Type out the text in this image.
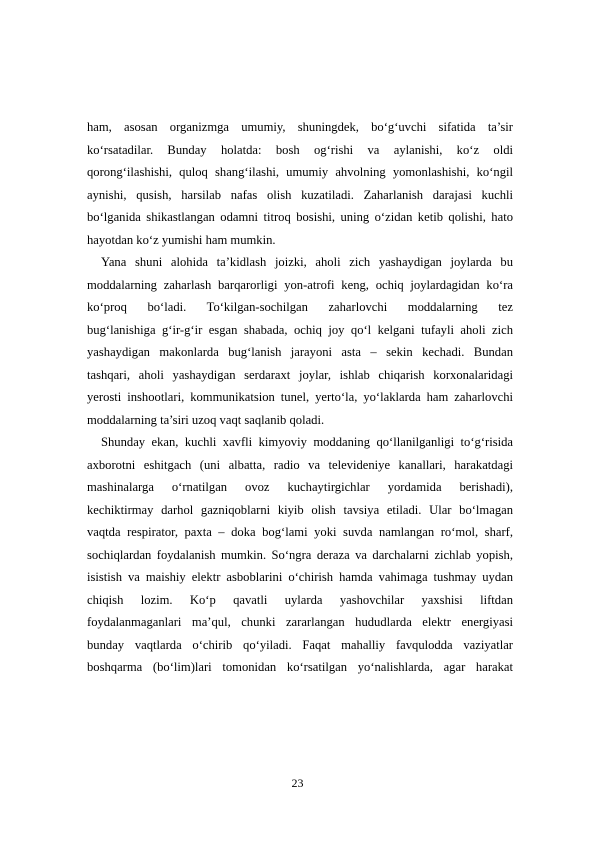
ham, asosan organizmga umumiy, shuningdek, bo‘g‘uvchi sifatida ta’sir
ko‘rsatadilar. Bunday holatda: bosh og‘rishi va aylanishi, ko‘z oldi
qorong‘ilashishi, quloq shang‘ilashi, umumiy ahvolning yomonlashishi, ko‘ngil
aynishi, qusish, harsilab nafas olish kuzatiladi. Zaharlanish darajasi kuchli
bo‘lganida shikastlangan odamni titroq bosishi, uning o‘zidan ketib qolishi, hato
hayotdan ko‘z yumishi ham mumkin.
Yana shuni alohida ta’kidlash joizki, aholi zich yashaydigan joylarda bu
moddalarning zaharlash barqarorligi yon-atrofi keng, ochiq joylardagidan ko‘ra
ko‘proq bo‘ladi. To‘kilgan-sochilgan zaharlovchi moddalarning tez
bug‘lanishiga g‘ir-g‘ir esgan shabada, ochiq joy qo‘l kelgani tufayli aholi zich
yashaydigan makonlarda bug‘lanish jarayoni asta – sekin kechadi. Bundan
tashqari, aholi yashaydigan serdaraxt joylar, ishlab chiqarish korxonalaridagi
yerosti inshootlari, kommunikatsion tunel, yerto‘la, yo‘laklarda ham zaharlovchi
moddalarning ta’siri uzoq vaqt saqlanib qoladi.
Shunday ekan, kuchli xavfli kimyoviy moddaning qo‘llanilganligi to‘g‘risida
axborotni eshitgach (uni albatta, radio va televideniye kanallari, harakatdagi
mashinalarga o‘rnatilgan ovoz kuchaytirgichlar yordamida berishadi),
kechiktirmay darhol gazniqoblarni kiyib olish tavsiya etiladi. Ular bo‘lmagan
vaqtda respirator, paxta – doka bog‘lami yoki suvda namlangan ro‘mol, sharf,
sochiqlardan foydalanish mumkin. So‘ngra deraza va darchalarni zichlab yopish,
isistish va maishiy elektr asboblarini o‘chirish hamda vahimaga tushmay uydan
chiqish lozim. Ko‘p qavatli uylarda yashovchilar yaxshisi liftdan
foydalanmaganlari ma’qul, chunki zararlangan hududlarda elektr energiyasi
bunday vaqtlarda o‘chirib qo‘yiladi. Faqat mahalliy favqulodda vaziyatlar
boshqarma (bo‘lim)lari tomonidan ko‘rsatilgan yo‘nalishlarda, agar harakat
23
